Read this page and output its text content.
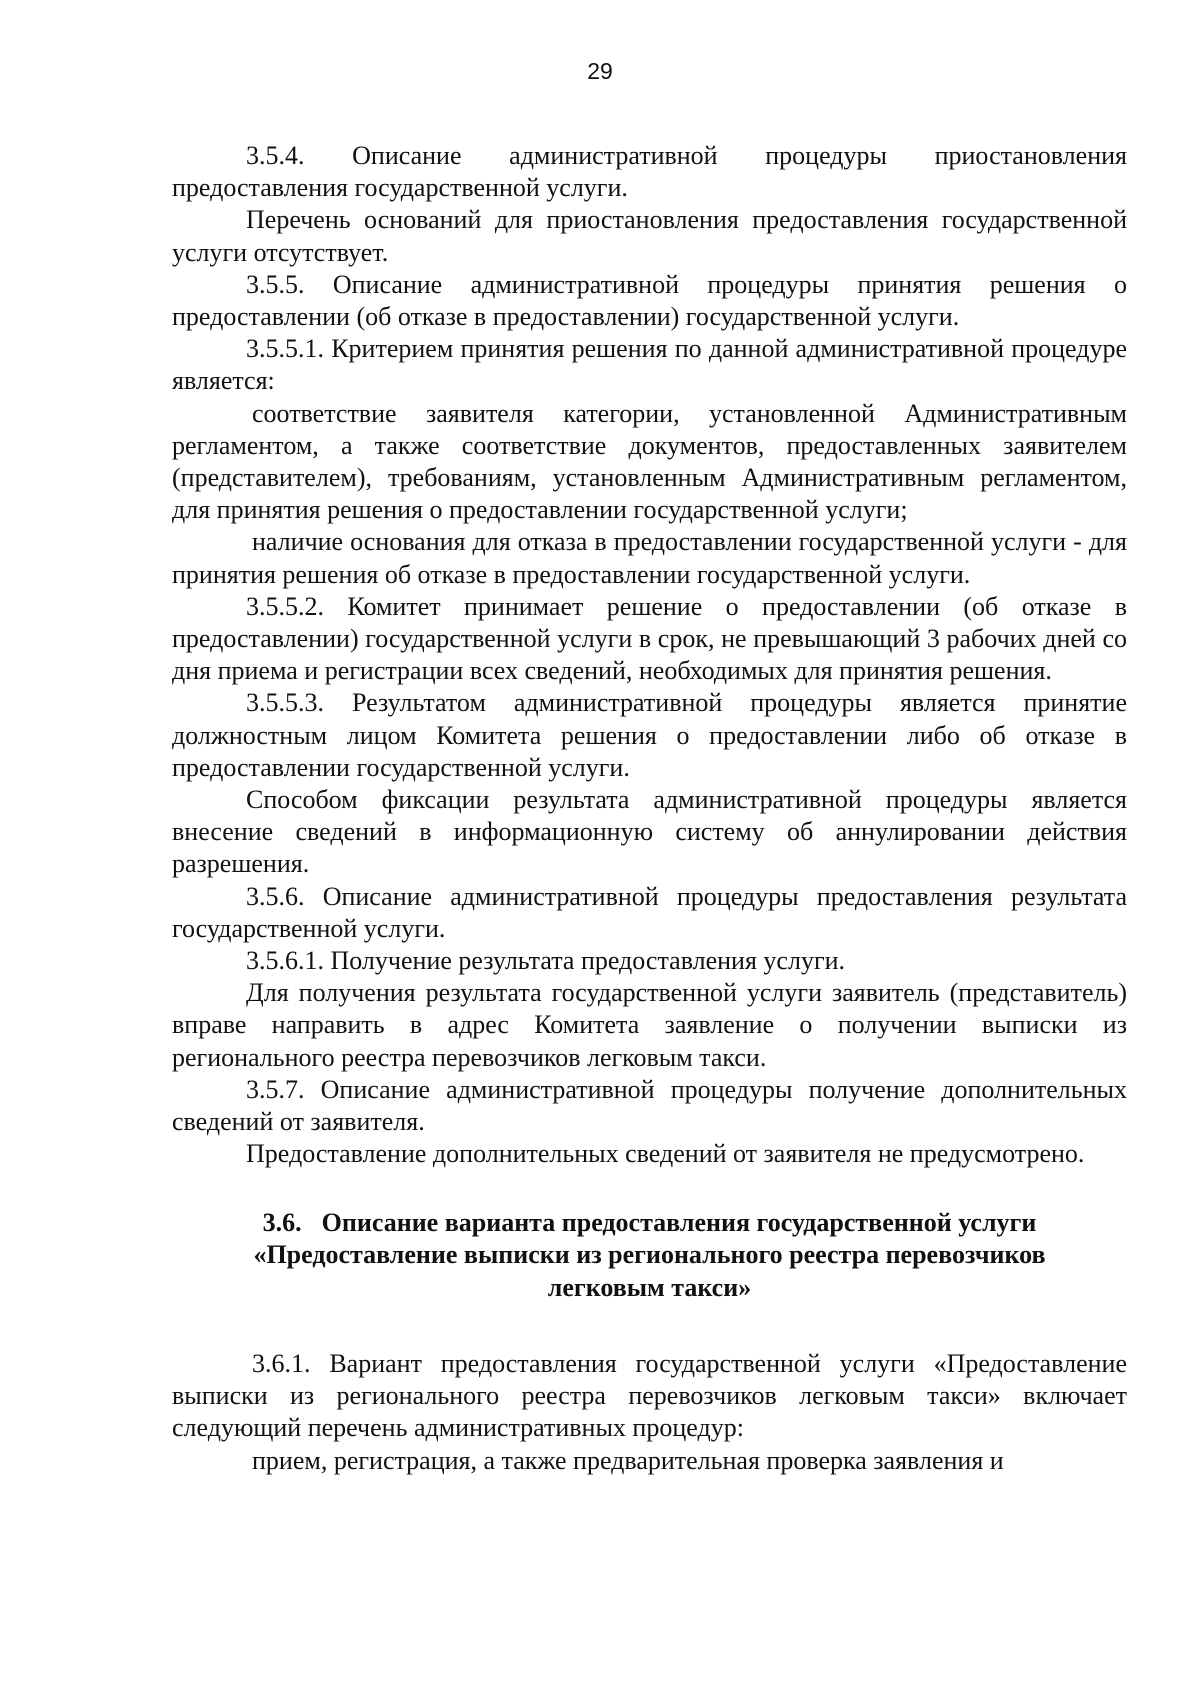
29

3.5.4. Описание административной процедуры приостановления предоставления государственной услуги.

Перечень оснований для приостановления предоставления государственной услуги отсутствует.

3.5.5. Описание административной процедуры принятия решения о предоставлении (об отказе в предоставлении) государственной услуги.

3.5.5.1. Критерием принятия решения по данной административной процедуре является:

соответствие заявителя категории, установленной Административным регламентом, а также соответствие документов, предоставленных заявителем (представителем), требованиям, установленным Административным регламентом, для принятия решения о предоставлении государственной услуги;

наличие основания для отказа в предоставлении государственной услуги - для принятия решения об отказе в предоставлении государственной услуги.

3.5.5.2. Комитет принимает решение о предоставлении (об отказе в предоставлении) государственной услуги в срок, не превышающий 3 рабочих дней со дня приема и регистрации всех сведений, необходимых для принятия решения.

3.5.5.3. Результатом административной процедуры является принятие должностным лицом Комитета решения о предоставлении либо об отказе в предоставлении государственной услуги.

Способом фиксации результата административной процедуры является внесение сведений в информационную систему об аннулировании действия разрешения.

3.5.6. Описание административной процедуры предоставления результата государственной услуги.

3.5.6.1. Получение результата предоставления услуги.

Для получения результата государственной услуги заявитель (представитель) вправе направить в адрес Комитета заявление о получении выписки из регионального реестра перевозчиков легковым такси.

3.5.7. Описание административной процедуры получение дополнительных сведений от заявителя.

Предоставление дополнительных сведений от заявителя не предусмотрено.

3.6. Описание варианта предоставления государственной услуги «Предоставление выписки из регионального реестра перевозчиков легковым такси»

3.6.1. Вариант предоставления государственной услуги «Предоставление выписки из регионального реестра перевозчиков легковым такси» включает следующий перечень административных процедур:

прием, регистрация, а также предварительная проверка заявления и
